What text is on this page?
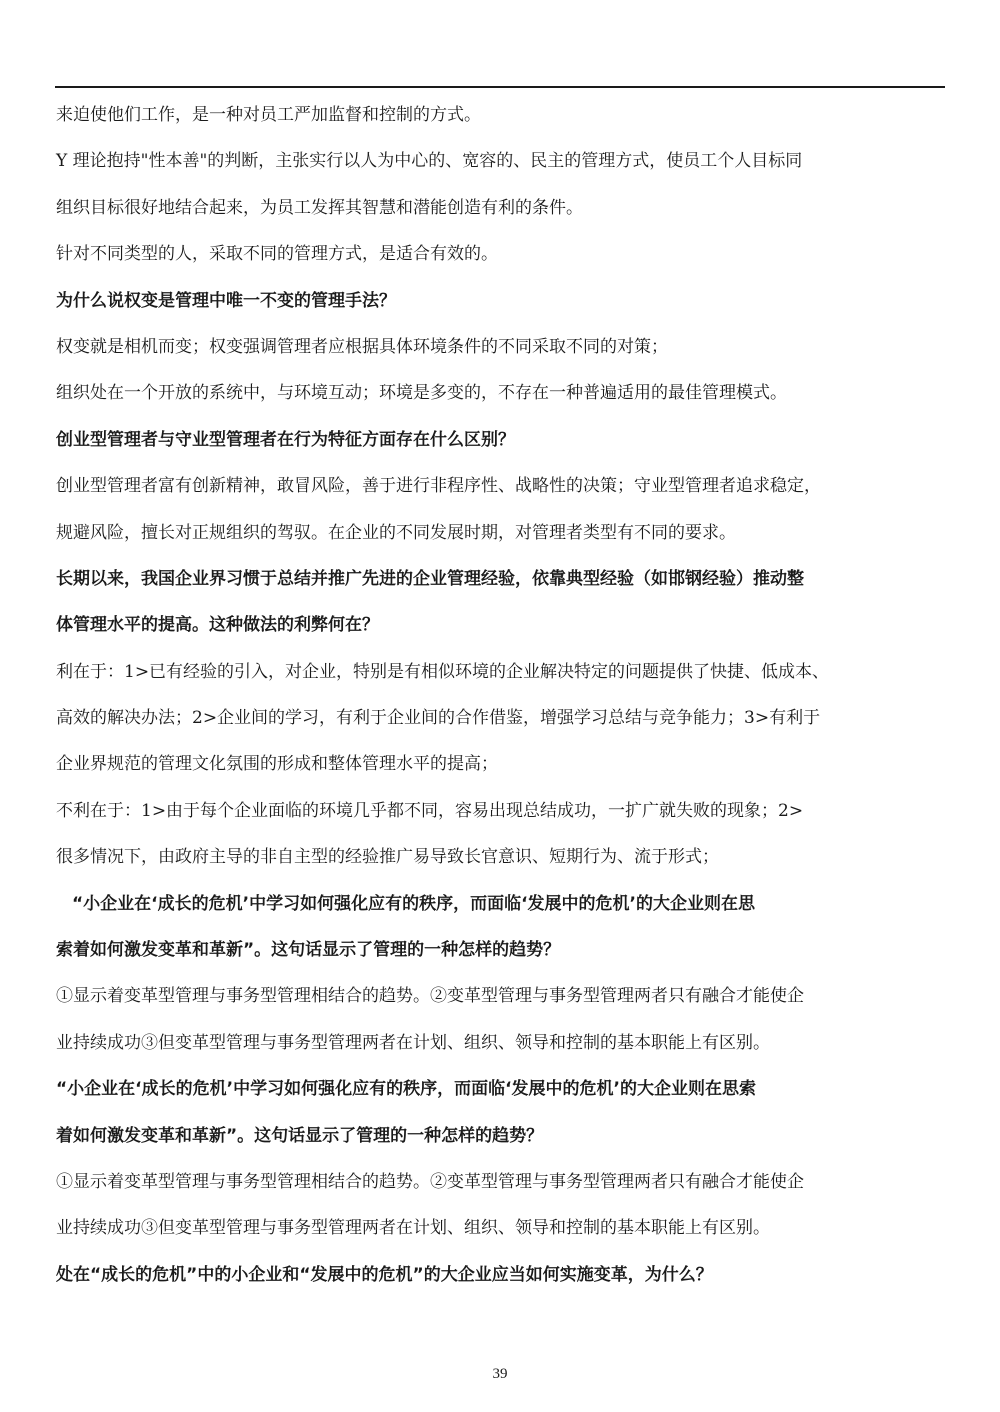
来迫使他们工作，是一种对员工严加监督和控制的方式。
Y 理论抱持"性本善"的判断，主张实行以人为中心的、宽容的、民主的管理方式，使员工个人目标同
组织目标很好地结合起来，为员工发挥其智慧和潜能创造有利的条件。
针对不同类型的人，采取不同的管理方式，是适合有效的。
为什么说权变是管理中唯一不变的管理手法？
权变就是相机而变；权变强调管理者应根据具体环境条件的不同采取不同的对策；
组织处在一个开放的系统中，与环境互动；环境是多变的，不存在一种普遍适用的最佳管理模式。
创业型管理者与守业型管理者在行为特征方面存在什么区别？
创业型管理者富有创新精神，敢冒风险，善于进行非程序性、战略性的决策；守业型管理者追求稳定，
规避风险，擅长对正规组织的驾驭。在企业的不同发展时期，对管理者类型有不同的要求。
长期以来，我国企业界习惯于总结并推广先进的企业管理经验，依靠典型经验（如邯钢经验）推动整
体管理水平的提高。这种做法的利弊何在？
利在于：1>已有经验的引入，对企业，特别是有相似环境的企业解决特定的问题提供了快捷、低成本、
高效的解决办法；2>企业间的学习，有利于企业间的合作借鉴，增强学习总结与竞争能力；3>有利于
企业界规范的管理文化氛围的形成和整体管理水平的提高；
不利在于：1>由于每个企业面临的环境几乎都不同，容易出现总结成功，一扩广就失败的现象；2>
很多情况下，由政府主导的非自主型的经验推广易导致长官意识、短期行为、流于形式；
“小企业在‘成长的危机’中学习如何强化应有的秩序，而面临‘发展中的危机’的大企业则在思
索着如何激发变革和革新”。这句话显示了管理的一种怎样的趋势？
①显示着变革型管理与事务型管理相结合的趋势。②变革型管理与事务型管理两者只有融合才能使企
业持续成功③但变革型管理与事务型管理两者在计划、组织、领导和控制的基本职能上有区别。
“小企业在‘成长的危机’中学习如何强化应有的秩序，而面临‘发展中的危机’的大企业则在思索
着如何激发变革和革新”。这句话显示了管理的一种怎样的趋势？
①显示着变革型管理与事务型管理相结合的趋势。②变革型管理与事务型管理两者只有融合才能使企
业持续成功③但变革型管理与事务型管理两者在计划、组织、领导和控制的基本职能上有区别。
处在“成长的危机”中的小企业和“发展中的危机”的大企业应当如何实施变革，为什么？
39
